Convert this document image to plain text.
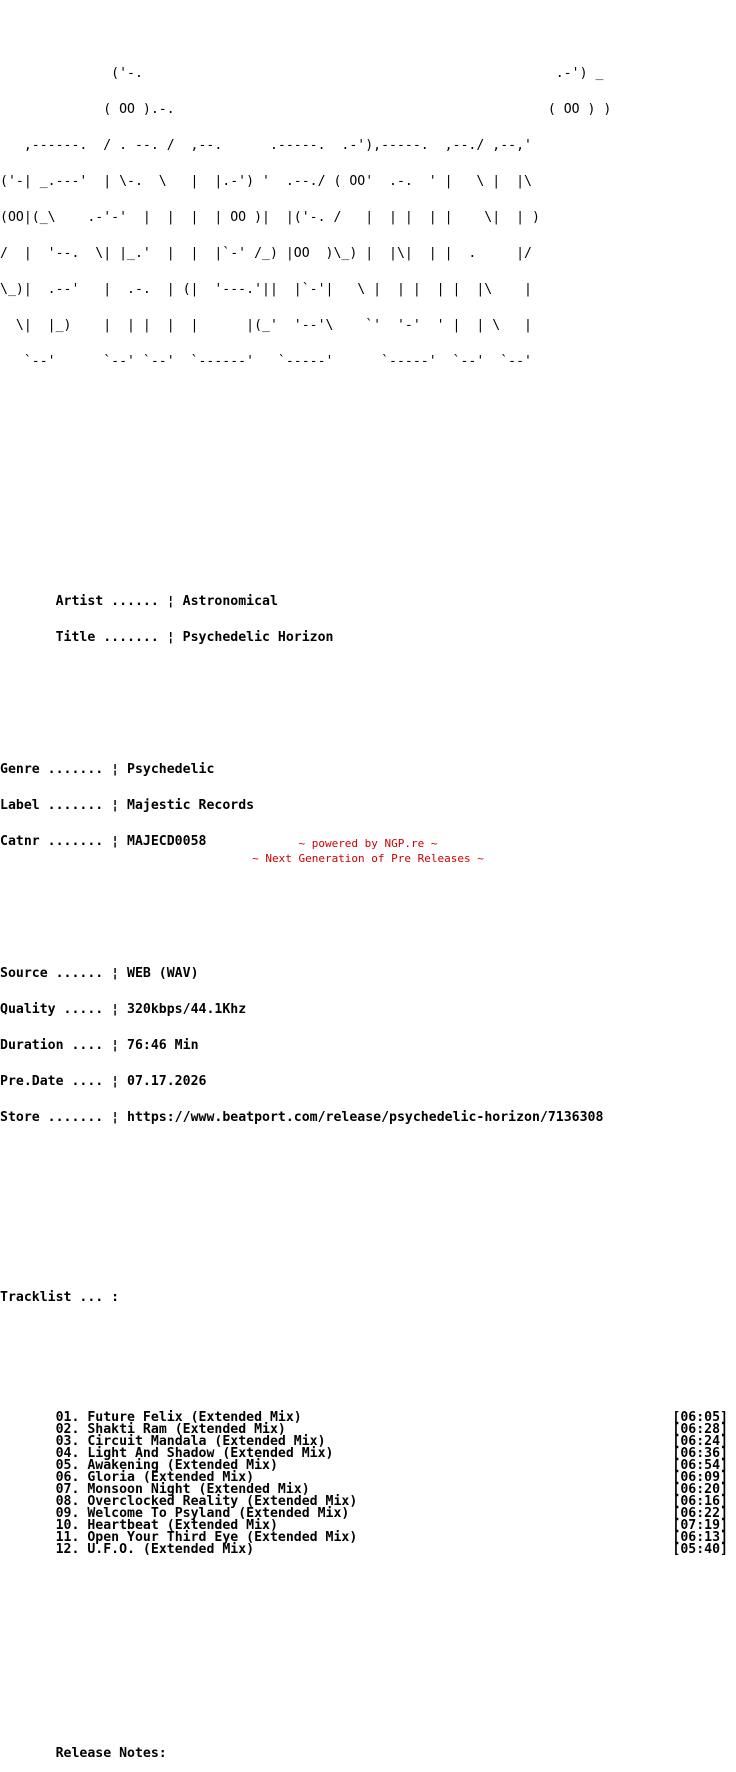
('-.                                                    .-') _

( OO ).-.                                               ( OO ) )

,------.  / . --. /  ,--.      .-----.  .-'),-----.  ,--./ ,--,'

('-| _.---'  | \-.  \   |  |.-') '  .--./ ( OO'  .-.  ' |   \ |  |\

(OO|(_\    .-'-'  |  |  |  | OO )|  |('-. /   |  | |  | |    \|  | )

/  |  '--.  \| |_.'  |  |  |`-' /_) |OO  )\_) |  |\|  | |  .     |/

\_)|  .--'   |  .-.  | (|  '---.'||  |`-'|   \ |  | |  | |  |\    |

\|  |_)    |  | |  |  |      |(_'  '--'\    `'  '-'  ' |  | \   |

`--'      `--' `--'  `------'   `-----'      `-----'  `--'  `--'

Artist ...... ¦ Astronomical

Title ....... ¦ Psychedelic Horizon

Genre ....... ¦ Psychedelic

Label ....... ¦ Majestic Records

Catnr ....... ¦ MAJECD0058

Source ...... ¦ WEB (WAV)

Quality ..... ¦ 320kbps/44.1Khz

Duration .... ¦ 76:46 Min

Pre.Date .... ¦ 07.17.2026

Store ....... ¦ https://www.beatport.com/release/psychedelic-horizon/7136308

Tracklist ... :

01. Future Felix (Extended Mix)	[06:05]
02. Shakti Ram (Extended Mix)	[06:28]
03. Circuit Mandala (Extended Mix)	[06:24]
04. Light And Shadow (Extended Mix)	[06:36]
05. Awakening (Extended Mix)	[06:54]
06. Gloria (Extended Mix)	[06:09]
07. Monsoon Night (Extended Mix)	[06:20]
08. Overclocked Reality (Extended Mix)	[06:16]
09. Welcome To Psyland (Extended Mix)	[06:22]
10. Heartbeat (Extended Mix)	[07:19]
11. Open Your Third Eye (Extended Mix)	[06:13]
12. U.F.O. (Extended Mix)	[05:40]

Release Notes:

~ powered by NGP.re ~
~ Next Generation of Pre Releases ~
